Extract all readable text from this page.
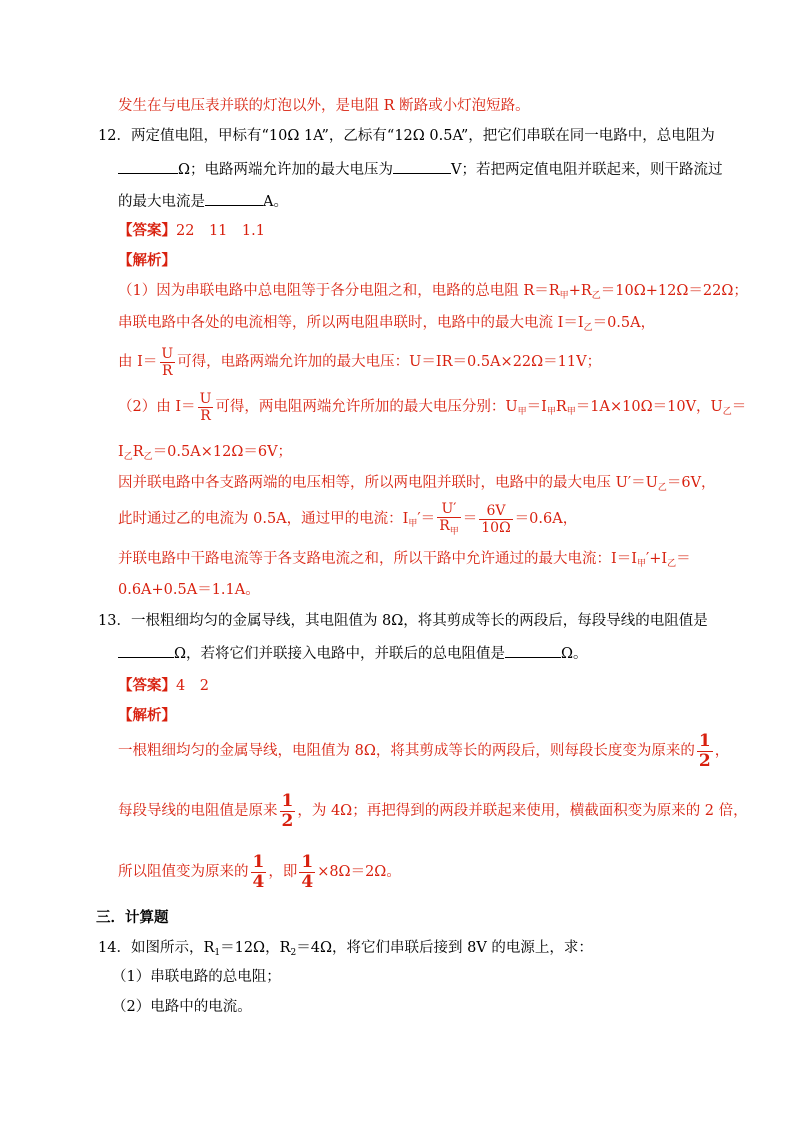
发生在与电压表并联的灯泡以外，是电阻 R 断路或小灯泡短路。
12．两定值电阻，甲标有“10Ω 1A”，乙标有“12Ω 0.5A”，把它们串联在同一电路中，总电阻为
Ω；电路两端允许加的最大电压为	V；若把两定值电阻并联起来，则干路流过
的最大电流是	A。
【答案】22　11　1.1
【解析】
（1）因为串联电路中总电阻等于各分电阻之和，电路的总电阻 $R=R_甲+R_乙=10\Omega+12\Omega=22\Omega$；
串联电路中各处的电流相等，所以两电阻串联时，电路中的最大电流 $I=I_乙=0.5A$，
由 $I= \frac{U}{R}$ 可得，电路两端允许加的最大电压：U＝IR＝0.5A×22Ω＝11V；
（2）由 $I= \frac{U}{R}$ 可得，两电阻两端允许所加的最大电压分别：$U_甲=I_甲R_甲=1A\times 10\Omega=10V$，$U_乙=$
$I_乙R_乙=0.5A\times 12\Omega=6V$；
因并联电路中各支路两端的电压相等，所以两电阻并联时，电路中的最大电压 $U'=U_乙=6V$，
此时通过乙的电流为 0.5A，通过甲的电流：$I_甲'= \frac{U'}{R_甲} = \frac{6V}{10\Omega} =0.6A$，
并联电路中干路电流等于各支路电流之和，所以干路中允许通过的最大电流：$I=I_甲'+I_乙=$
0.6A+0.5A＝1.1A。
13．一根粗细均匀的金属导线，其电阻值为 8Ω，将其剪成等长的两段后，每段导线的电阻值是
Ω，若将它们并联接入电路中，并联后的总电阻值是	Ω。
【答案】4　2
【解析】
一根粗细均匀的金属导线，电阻值为 8Ω，将其剪成等长的两段后，则每段长度变为原来的 $\frac{1}{2}$ ，
每段导线的电阻值是原来 $\frac{1}{2}$ ，为 4Ω；再把得到的两段并联起来使用，横截面积变为原来的 2 倍，
所以阻值变为原来的 $\frac{1}{4}$ ，即 $\frac{1}{4} \times 8\Omega=2\Omega$。
三．计算题
14．如图所示，$R_1=12\Omega$，$R_2=4\Omega$，将它们串联后接到 8V 的电源上，求：
（1）串联电路的总电阻；
（2）电路中的电流。
